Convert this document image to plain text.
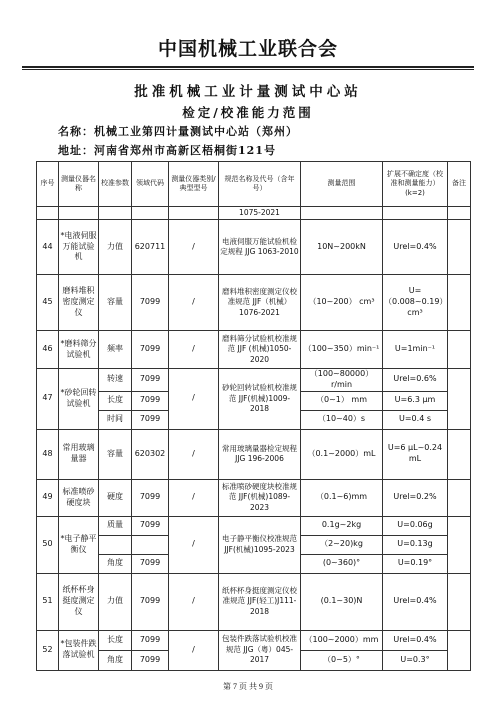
中国机械工业联合会
批准机械工业计量测试中心站
检定/校准能力范围
名称：机械工业第四计量测试中心站（郑州）
地址：河南省郑州市高新区梧桐街121号
序号	测量仪器名称	校准参数	领域代码	测量仪器类别/典型型号	规范名称及代号（含年号）	测量范围	扩展不确定度（校准和测量能力）(k=2)	备注
					1075-2021			
44	*电液伺服万能试验机	力值	620711	/	电液伺服万能试验机检定规程 JJG 1063-2010	10N~200kN	Urel=0.4%	
45	磨料堆积密度测定仪	容量	7099	/	磨料堆积密度测定仪校准规范 JJF（机械） 1076-2021	（10~200） cm³	U=（0.008~0.19） cm³	
46	*磨料筛分试验机	频率	7099	/	磨料筛分试验机校准规范 JJF (机械)1050-2020	（100~350）min⁻¹	U=1min⁻¹	
47	*砂轮回转试验机	转速	7099	/	砂轮回转试验机校准规范 JJF(机械)1009-2018	（100~80000）r/min	Urel=0.6%	
		长度	7099			（0~1） mm	U=6.3 μm	
		时间	7099			（10~40）s	U=0.4 s	
48	常用玻璃量器	容量	620302	/	常用玻璃量器检定规程 JJG 196-2006	（0.1~2000）mL	U=6 μL~0.24 mL	
49	标准喷砂硬度块	硬度	7099	/	标准喷砂硬度块校准规范 JJF(机械)1089-2023	（0.1~6)mm	Urel=0.2%	
50	*电子静平衡仪	质量	7099	/	电子静平衡仪校准规范 JJF(机械)1095-2023	0.1g~2kg	U=0.06g	
						（2~20)kg	U=0.13g	
		角度	7099			(0~360)°	U=0.19°	
51	纸杯杯身挺度测定仪	力值	7099	/	纸杯杯身挺度测定仪校准规范 JJF(轻工)J111-2018	(0.1~30)N	Urel=0.4%	
52	*包装件跌落试验机	长度	7099	/	包装件跌落试验机校准规范 JJG（粤）045-2017	（100~2000）mm	Urel=0.4%	
		角度	7099			（0~5）°	U=0.3°	
第 7 页 共 9 页
